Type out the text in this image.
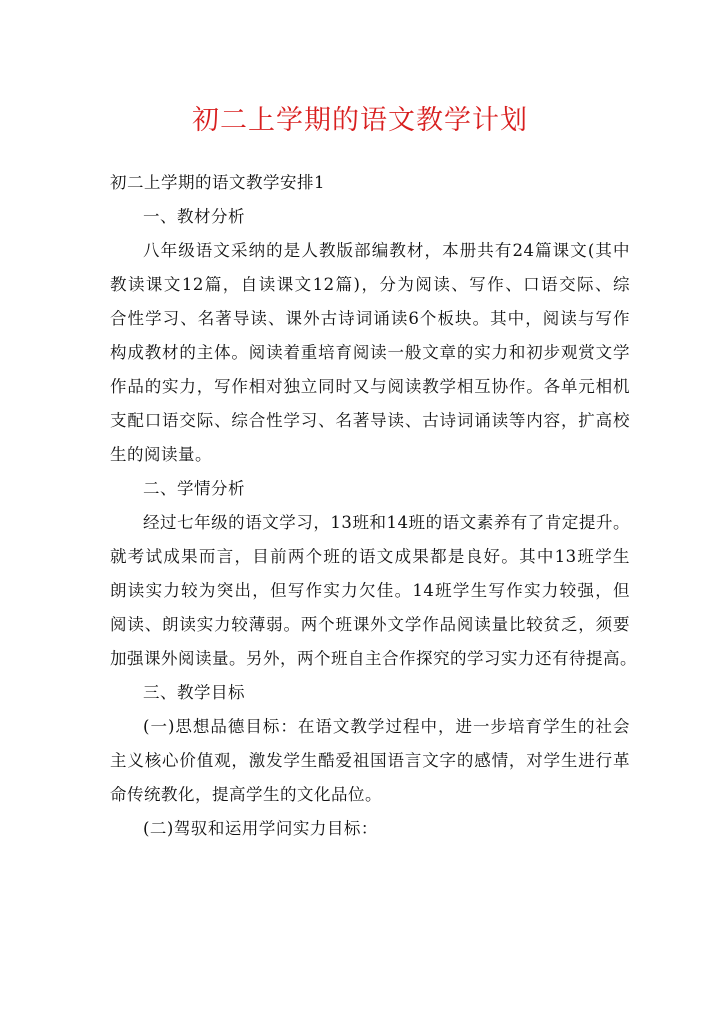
初二上学期的语文教学计划

初二上学期的语文教学安排1

一、教材分析

八年级语文采纳的是人教版部编教材，本册共有24篇课文(其中

教读课文12篇，自读课文12篇)，分为阅读、写作、口语交际、综

合性学习、名著导读、课外古诗词诵读6个板块。其中，阅读与写作

构成教材的主体。阅读着重培育阅读一般文章的实力和初步观赏文学

作品的实力，写作相对独立同时又与阅读教学相互协作。各单元相机

支配口语交际、综合性学习、名著导读、古诗词诵读等内容，扩高校

生的阅读量。

二、学情分析

经过七年级的语文学习，13班和14班的语文素养有了肯定提升。

就考试成果而言，目前两个班的语文成果都是良好。其中13班学生

朗读实力较为突出，但写作实力欠佳。14班学生写作实力较强，但

阅读、朗读实力较薄弱。两个班课外文学作品阅读量比较贫乏，须要

加强课外阅读量。另外，两个班自主合作探究的学习实力还有待提高。

三、教学目标

(一)思想品德目标：在语文教学过程中，进一步培育学生的社会

主义核心价值观，激发学生酷爱祖国语言文字的感情，对学生进行革

命传统教化，提高学生的文化品位。

(二)驾驭和运用学问实力目标：
